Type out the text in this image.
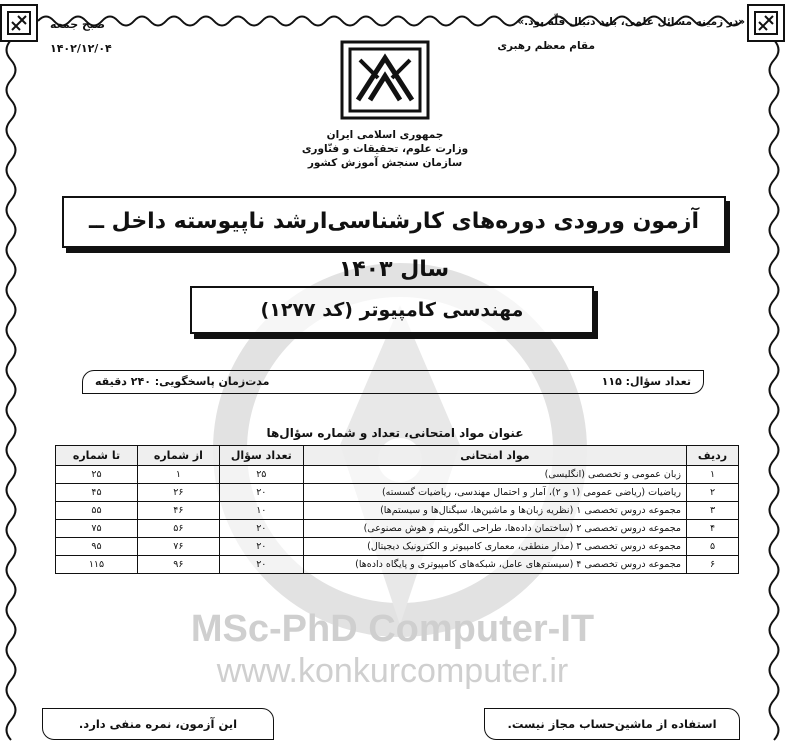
MSc-PhD Computer-IT
www.konkurcomputer.ir
«در زمینه مسائل علمی، باید دنبال قلّه بود.»
مقام معظم رهبری
صبح جمعه
۱۴۰۲/۱۲/۰۴
جمهوری اسلامی ایران
وزارت علوم، تحقیقات و فنّاوری
سازمان سنجش آموزش کشور
آزمون ورودی دوره‌های کارشناسی‌ارشد ناپیوسته داخل ــ سال ۱۴۰۳
مهندسی کامپیوتر (کد ۱۲۷۷)
تعداد سؤال: ۱۱۵
مدت‌زمان پاسخگویی: ۲۴۰ دقیقه
عنوان مواد امتحانی، تعداد و شماره سؤال‌ها
ردیف	مواد امتحانی	تعداد سؤال	از شماره	تا شماره
۱	زبان عمومی و تخصصی (انگلیسی)	۲۵	۱	۲۵
۲	ریاضیات (ریاضی عمومی (۱ و ۲)، آمار و احتمال مهندسی، ریاضیات گسسته)	۲۰	۲۶	۴۵
۳	مجموعه دروس تخصصی ۱ (نظریه زبان‌ها و ماشین‌ها، سیگنال‌ها و سیستم‌ها)	۱۰	۴۶	۵۵
۴	مجموعه دروس تخصصی ۲ (ساختمان داده‌ها، طراحی الگوریتم و هوش مصنوعی)	۲۰	۵۶	۷۵
۵	مجموعه دروس تخصصی ۳ (مدار منطقی، معماری کامپیوتر و الکترونیک دیجیتال)	۲۰	۷۶	۹۵
۶	مجموعه دروس تخصصی ۴ (سیستم‌های عامل، شبکه‌های کامپیوتری و پایگاه داده‌ها)	۲۰	۹۶	۱۱۵
این آزمون، نمره منفی دارد.	استفاده از ماشین‌حساب مجاز نیست.
